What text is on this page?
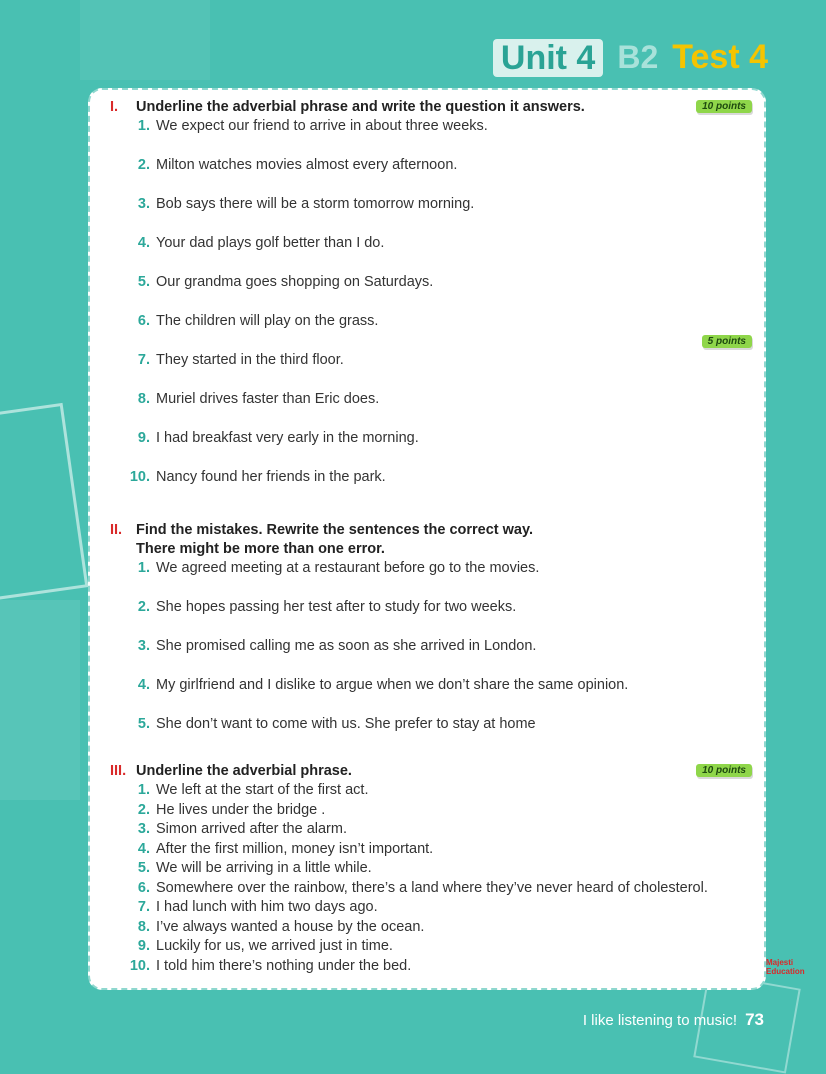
Unit 4 B2 Test 4
I.	Underline the adverbial phrase and write the question it answers.
1. We expect our friend to arrive in about three weeks.
2. Milton watches movies almost every afternoon.
3. Bob says there will be a storm tomorrow morning.
4. Your dad plays golf better than I do.
5. Our grandma goes shopping on Saturdays.
6. The children will play on the grass.
7. They started in the third floor.
8. Muriel drives faster than Eric does.
9. I had breakfast very early in the morning.
10. Nancy found her friends in the park.
10 points
5 points
II. Find the mistakes. Rewrite the sentences the correct way.
There might be more than one error.
1. We agreed meeting at a restaurant before go to the movies.
2. She hopes passing her test after to study for two weeks.
3. She promised calling me as soon as she arrived in London.
4. My girlfriend and I dislike to argue when we don’t share the same opinion.
5. She don’t want to come with us. She prefer to stay at home
III. Underline the adverbial phrase.
1. We left at the start of the first act.
2. He lives under the bridge .
3. Simon arrived after the alarm.
4. After the first million, money isn’t important.
5. We will be arriving in a little while.
6. Somewhere over the rainbow, there’s a land where they’ve never heard of cholesterol.
7. I had lunch with him two days ago.
8. I’ve always wanted a house by the ocean.
9. Luckily for us, we arrived just in time.
10. I told him there’s nothing under the bed.
10 points
Majesti
Education
I like listening to music! 73
